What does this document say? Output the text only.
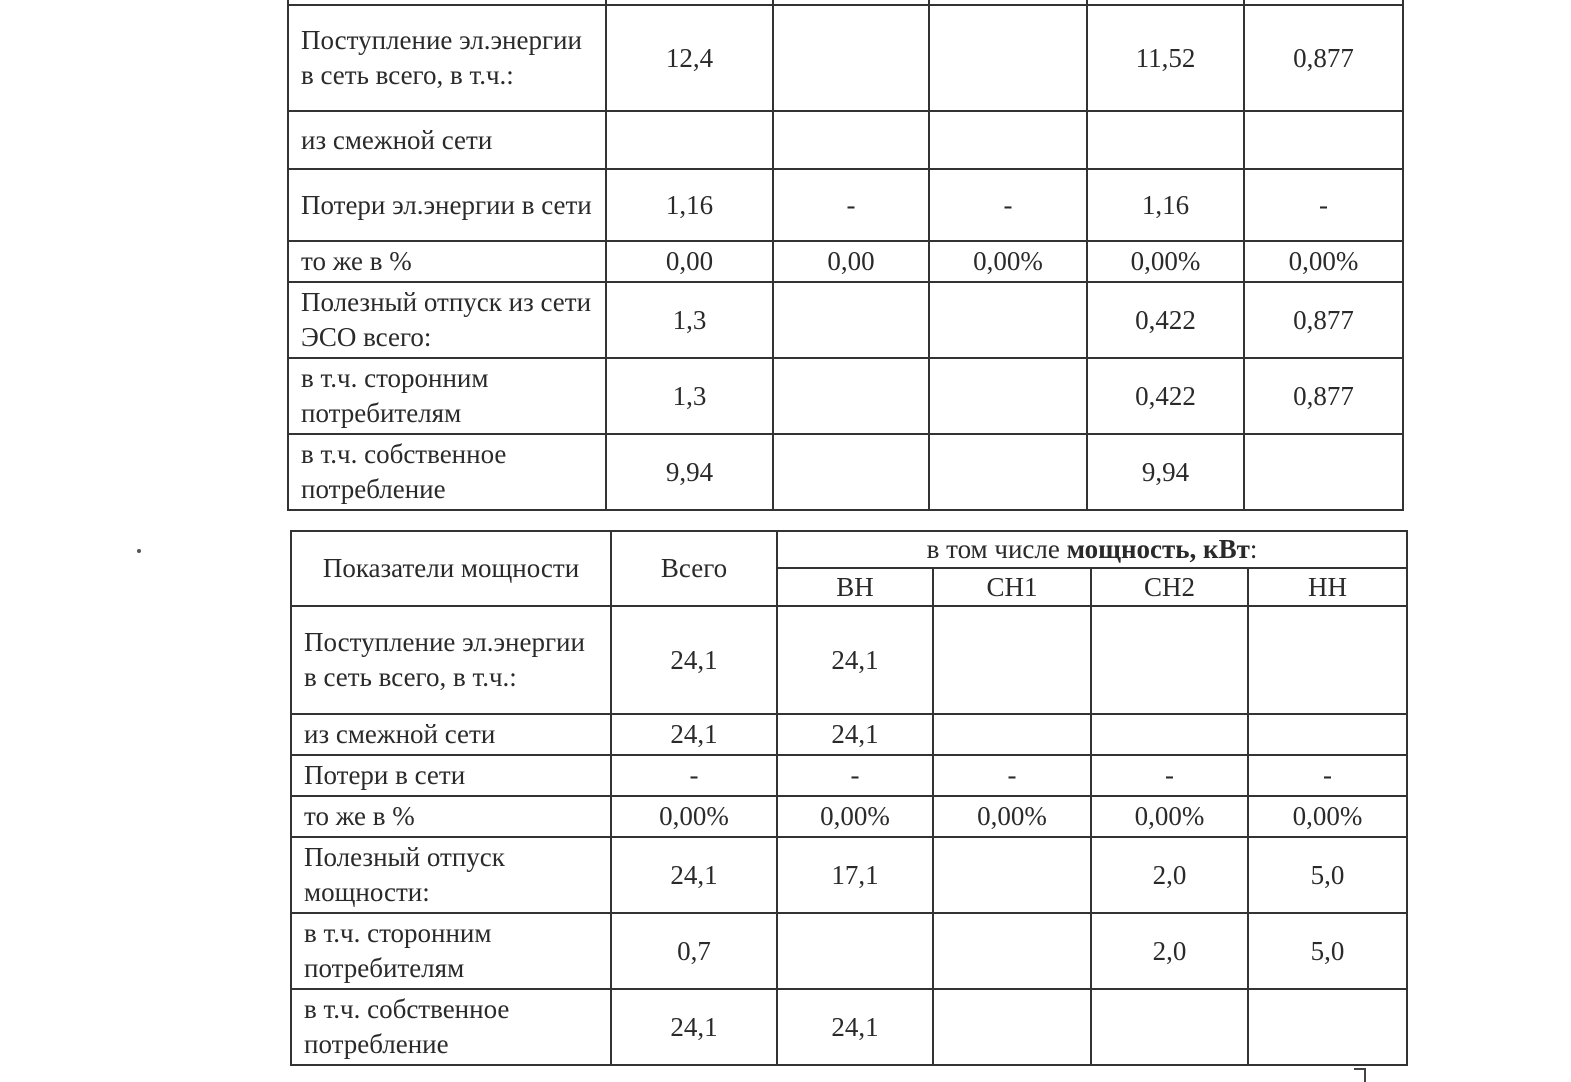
Поступление эл.энергии в сеть всего, в т.ч.:	12,4			11,52	0,877
из смежной сети					
Потери эл.энергии в сети	1,16	-	-	1,16	-
то же в %	0,00	0,00	0,00%	0,00%	0,00%
Полезный отпуск из сети ЭСО всего:	1,3			0,422	0,877
в т.ч. сторонним потребителям	1,3			0,422	0,877
в т.ч. собственное потребление	9,94			9,94	
Показатели мощности	Всего	в том числе мощность, кВт:			
		ВН	СН1	СН2	НН
Поступление эл.энергии в сеть всего, в т.ч.:	24,1	24,1			
из смежной сети	24,1	24,1			
Потери в сети	-	-	-	-	-
то же в %	0,00%	0,00%	0,00%	0,00%	0,00%
Полезный отпуск мощности:	24,1	17,1		2,0	5,0
в т.ч. сторонним потребителям	0,7			2,0	5,0
в т.ч. собственное потребление	24,1	24,1			
